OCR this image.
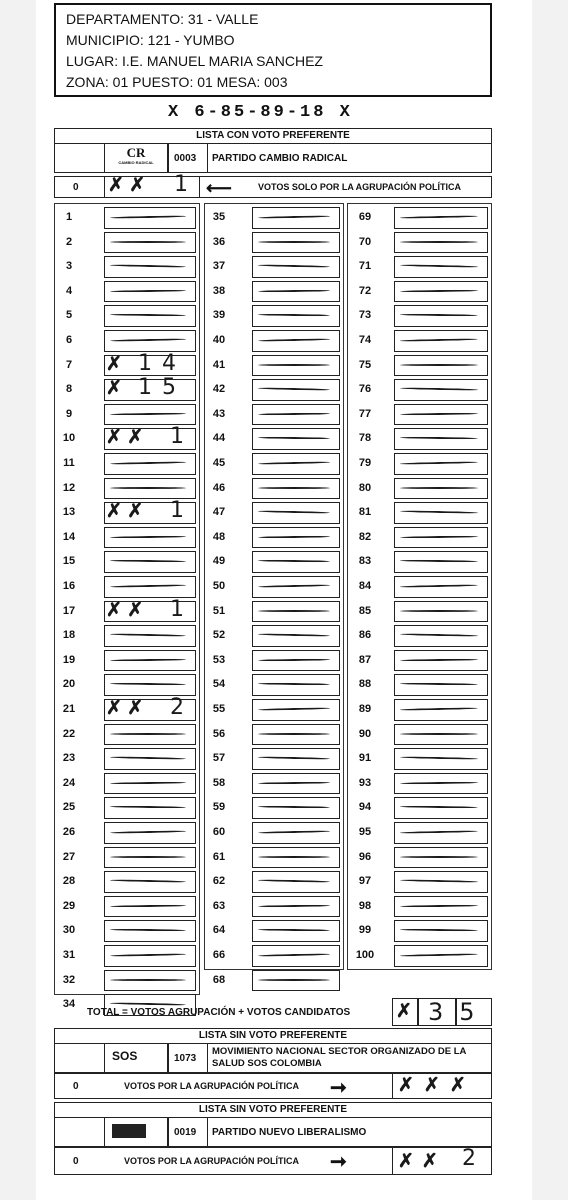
DEPARTAMENTO: 31 - VALLE
MUNICIPIO: 121 - YUMBO
LUGAR: I.E. MANUEL MARIA SANCHEZ
ZONA: 01 PUESTO: 01 MESA: 003
X 6-85-89-18 X
LISTA CON VOTO PREFERENTE
CR
CAMBIO RADICAL 0003 PARTIDO CAMBIO RADICAL
0 ✗ ✗ 1 ⟵	VOTOS SOLO POR LA AGRUPACIÓN POLÍTICA
1
2
3
4
5
6
7	✗ 14
8	✗ 15
9
10	✗ ✗ 1
11
12
13	✗ ✗ 1
14
15
16
17	✗ ✗ 1
18
19
20
21	✗ ✗ 2
22
23
24
25
26
27
28
29
30
31
32
34
35
36
37
38
39
40
41
42
43
44
45
46
47
48
49
50
51
52
53
54
55
56
57
58
59
60
61
62
63
64
66
68
69
70
71
72
73
74
75
76
77
78
79
80
81
82
83
84
85
86
87
88
89
90
91
93
94
95
96
97
98
99
100
TOTAL = VOTOS AGRUPACIÓN + VOTOS CANDIDATOS ✗ 35
LISTA SIN VOTO PREFERENTE
SOS	1073
MOVIMIENTO NACIONAL SECTOR ORGANIZADO DE LA
SALUD SOS COLOMBIA
0	VOTOS POR LA AGRUPACIÓN POLÍTICA ➞	✗✗✗
LISTA SIN VOTO PREFERENTE
0019 PARTIDO NUEVO LIBERALISMO
0	VOTOS POR LA AGRUPACIÓN POLÍTICA ➞	✗✗ 2
